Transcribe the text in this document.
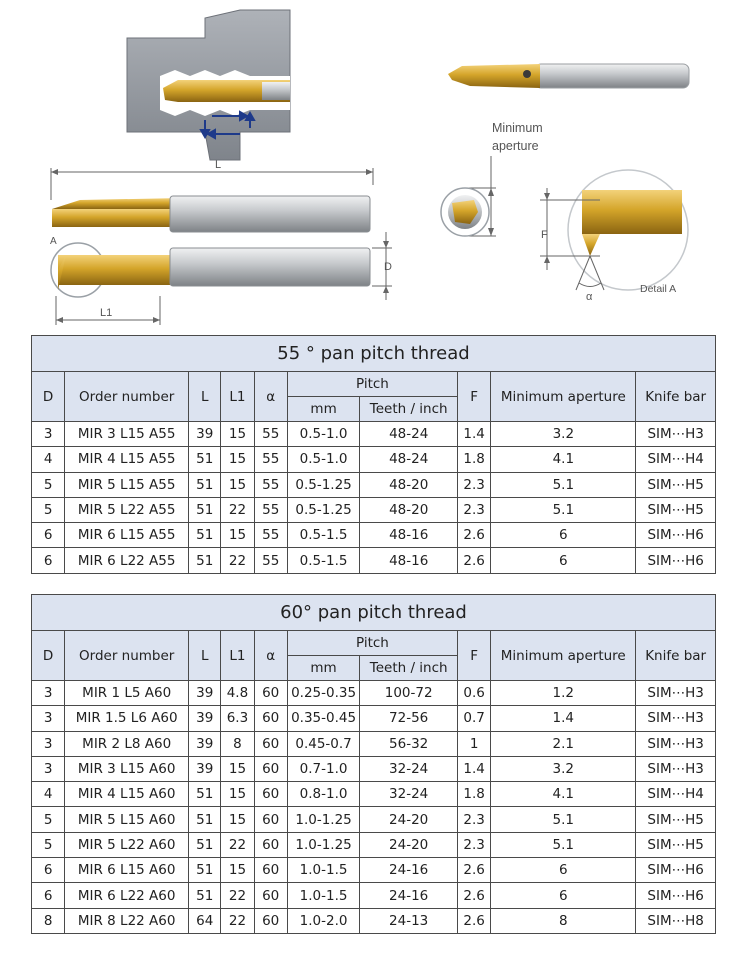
L
A
D
L1
Minimum
aperture
F
α
Detail A
55 ° pan pitch thread									
D	Order number	L	L1	α	Pitch		F	Minimum aperture	Knife bar
					mm	Teeth / inch			
3	MIR 3 L15 A55	39	15	55	0.5-1.0	48-24	1.4	3.2	SIM⋯H3
4	MIR 4 L15 A55	51	15	55	0.5-1.0	48-24	1.8	4.1	SIM⋯H4
5	MIR 5 L15 A55	51	15	55	0.5-1.25	48-20	2.3	5.1	SIM⋯H5
5	MIR 5 L22 A55	51	22	55	0.5-1.25	48-20	2.3	5.1	SIM⋯H5
6	MIR 6 L15 A55	51	15	55	0.5-1.5	48-16	2.6	6	SIM⋯H6
6	MIR 6 L22 A55	51	22	55	0.5-1.5	48-16	2.6	6	SIM⋯H6
60° pan pitch thread									
D	Order number	L	L1	α	Pitch		F	Minimum aperture	Knife bar
					mm	Teeth / inch			
3	MIR 1 L5 A60	39	4.8	60	0.25-0.35	100-72	0.6	1.2	SIM⋯H3
3	MIR 1.5 L6 A60	39	6.3	60	0.35-0.45	72-56	0.7	1.4	SIM⋯H3
3	MIR 2 L8 A60	39	8	60	0.45-0.7	56-32	1	2.1	SIM⋯H3
3	MIR 3 L15 A60	39	15	60	0.7-1.0	32-24	1.4	3.2	SIM⋯H3
4	MIR 4 L15 A60	51	15	60	0.8-1.0	32-24	1.8	4.1	SIM⋯H4
5	MIR 5 L15 A60	51	15	60	1.0-1.25	24-20	2.3	5.1	SIM⋯H5
5	MIR 5 L22 A60	51	22	60	1.0-1.25	24-20	2.3	5.1	SIM⋯H5
6	MIR 6 L15 A60	51	15	60	1.0-1.5	24-16	2.6	6	SIM⋯H6
6	MIR 6 L22 A60	51	22	60	1.0-1.5	24-16	2.6	6	SIM⋯H6
8	MIR 8 L22 A60	64	22	60	1.0-2.0	24-13	2.6	8	SIM⋯H8
